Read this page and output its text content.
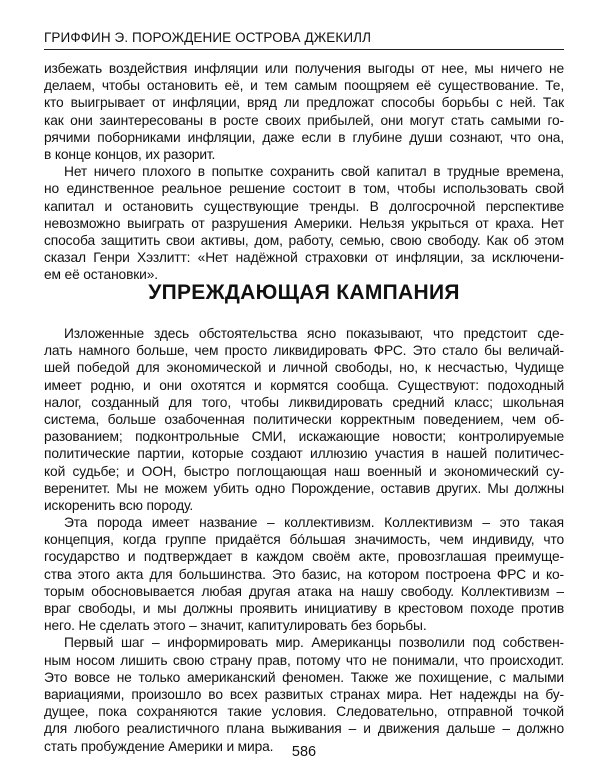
ГРИФФИН Э. ПОРОЖДЕНИЕ ОСТРОВА ДЖЕКИЛЛ
избежать воздействия инфляции или получения выгоды от нее, мы ничего не
делаем, чтобы остановить её, и тем самым поощряем её существование. Те,
кто выигрывает от инфляции, вряд ли предложат способы борьбы с ней. Так
как они заинтересованы в росте своих прибылей, они могут стать самыми го-
рячими поборниками инфляции, даже если в глубине души сознают, что она,
в конце концов, их разорит.
Нет ничего плохого в попытке сохранить свой капитал в трудные времена,
но единственное реальное решение состоит в том, чтобы использовать свой
капитал и остановить существующие тренды. В долгосрочной перспективе
невозможно выиграть от разрушения Америки. Нельзя укрыться от краха. Нет
способа защитить свои активы, дом, работу, семью, свою свободу. Как об этом
сказал Генри Хэзлитт: «Нет надёжной страховки от инфляции, за исключени-
ем её остановки».
УПРЕЖДАЮЩАЯ КАМПАНИЯ
Изложенные здесь обстоятельства ясно показывают, что предстоит сде-
лать намного больше, чем просто ликвидировать ФРС. Это стало бы величай-
шей победой для экономической и личной свободы, но, к несчастью, Чудище
имеет родню, и они охотятся и кормятся сообща. Существуют: подоходный
налог, созданный для того, чтобы ликвидировать средний класс; школьная
система, больше озабоченная политически корректным поведением, чем об-
разованием; подконтрольные СМИ, искажающие новости; контролируемые
политические партии, которые создают иллюзию участия в нашей политичес-
кой судьбе; и ООН, быстро поглощающая наш военный и экономический су-
веренитет. Мы не можем убить одно Порождение, оставив других. Мы должны
искоренить всю породу.
Эта порода имеет название – коллективизм. Коллективизм – это такая
концепция, когда группе придаётся бóльшая значимость, чем индивиду, что
государство и подтверждает в каждом своём акте, провозглашая преимуще-
ства этого акта для большинства. Это базис, на котором построена ФРС и ко-
торым обосновывается любая другая атака на нашу свободу. Коллективизм –
враг свободы, и мы должны проявить инициативу в крестовом походе против
него. Не сделать этого – значит, капитулировать без борьбы.
Первый шаг – информировать мир. Американцы позволили под собствен-
ным носом лишить свою страну прав, потому что не понимали, что происходит.
Это вовсе не только американский феномен. Также же похищение, с малыми
вариациями, произошло во всех развитых странах мира. Нет надежды на бу-
дущее, пока сохраняются такие условия. Следовательно, отправной точкой
для любого реалистичного плана выживания – и движения дальше – должно
стать пробуждение Америки и мира.	586
